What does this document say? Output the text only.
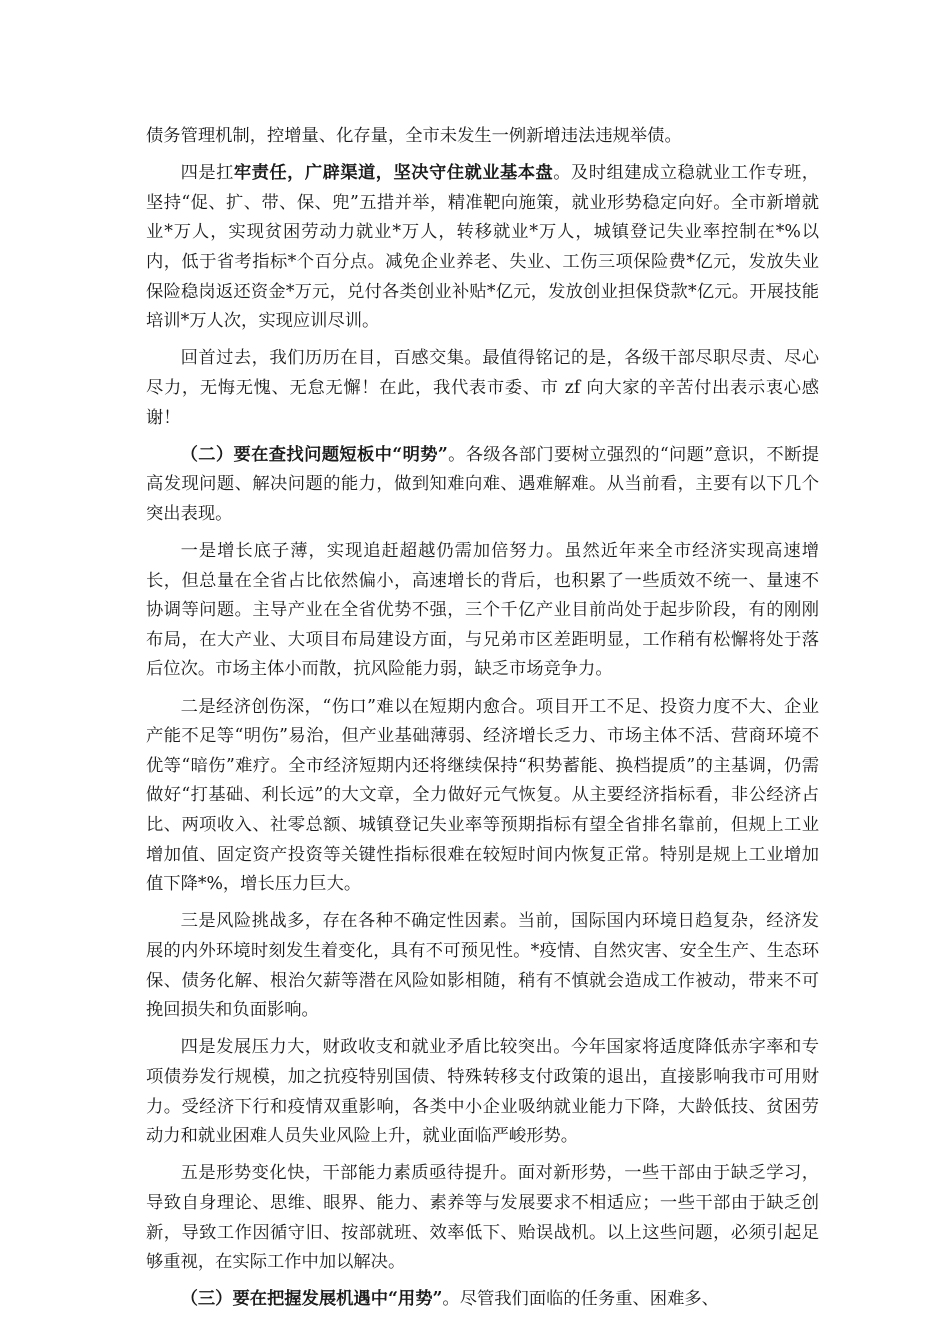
债务管理机制，控增量、化存量，全市未发生一例新增违法违规举债。

四是扛牢责任，广辟渠道，坚决守住就业基本盘。及时组建成立稳就业工作专班，坚持“促、扩、带、保、兜”五措并举，精准靶向施策，就业形势稳定向好。全市新增就业*万人，实现贫困劳动力就业*万人，转移就业*万人，城镇登记失业率控制在*%以内，低于省考指标*个百分点。减免企业养老、失业、工伤三项保险费*亿元，发放失业保险稳岗返还资金*万元，兑付各类创业补贴*亿元，发放创业担保贷款*亿元。开展技能培训*万人次，实现应训尽训。

回首过去，我们历历在目，百感交集。最值得铭记的是，各级干部尽职尽责、尽心尽力，无悔无愧、无怠无懈！在此，我代表市委、市 zf 向大家的辛苦付出表示衷心感谢！

（二）要在查找问题短板中“明势”。各级各部门要树立强烈的“问题”意识，不断提高发现问题、解决问题的能力，做到知难向难、遇难解难。从当前看，主要有以下几个突出表现。

一是增长底子薄，实现追赶超越仍需加倍努力。虽然近年来全市经济实现高速增长，但总量在全省占比依然偏小，高速增长的背后，也积累了一些质效不统一、量速不协调等问题。主导产业在全省优势不强，三个千亿产业目前尚处于起步阶段，有的刚刚布局，在大产业、大项目布局建设方面，与兄弟市区差距明显，工作稍有松懈将处于落后位次。市场主体小而散，抗风险能力弱，缺乏市场竞争力。

二是经济创伤深，“伤口”难以在短期内愈合。项目开工不足、投资力度不大、企业产能不足等“明伤”易治，但产业基础薄弱、经济增长乏力、市场主体不活、营商环境不优等“暗伤”难疗。全市经济短期内还将继续保持“积势蓄能、换档提质”的主基调，仍需做好“打基础、利长远”的大文章，全力做好元气恢复。从主要经济指标看，非公经济占比、两项收入、社零总额、城镇登记失业率等预期指标有望全省排名靠前，但规上工业增加值、固定资产投资等关键性指标很难在较短时间内恢复正常。特别是规上工业增加值下降*%，增长压力巨大。

三是风险挑战多，存在各种不确定性因素。当前，国际国内环境日趋复杂，经济发展的内外环境时刻发生着变化，具有不可预见性。*疫情、自然灾害、安全生产、生态环保、债务化解、根治欠薪等潜在风险如影相随，稍有不慎就会造成工作被动，带来不可挽回损失和负面影响。

四是发展压力大，财政收支和就业矛盾比较突出。今年国家将适度降低赤字率和专项债券发行规模，加之抗疫特别国债、特殊转移支付政策的退出，直接影响我市可用财力。受经济下行和疫情双重影响，各类中小企业吸纳就业能力下降，大龄低技、贫困劳动力和就业困难人员失业风险上升，就业面临严峻形势。

五是形势变化快，干部能力素质亟待提升。面对新形势，一些干部由于缺乏学习，导致自身理论、思维、眼界、能力、素养等与发展要求不相适应；一些干部由于缺乏创新，导致工作因循守旧、按部就班、效率低下、贻误战机。以上这些问题，必须引起足够重视，在实际工作中加以解决。

（三）要在把握发展机遇中“用势”。尽管我们面临的任务重、困难多、
